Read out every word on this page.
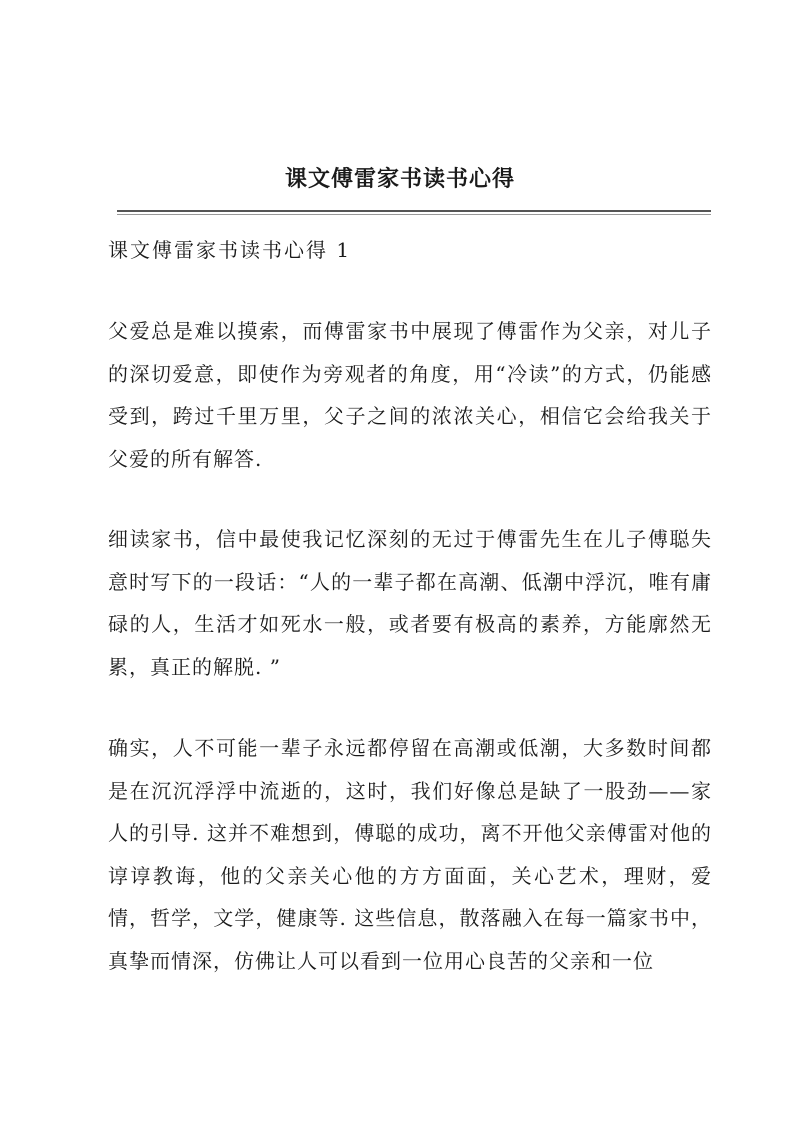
课文傅雷家书读书心得
课文傅雷家书读书心得 1

父爱总是难以摸索，而傅雷家书中展现了傅雷作为父亲，对儿子的深切爱意，即使作为旁观者的角度，用“冷读”的方式，仍能感受到，跨过千里万里，父子之间的浓浓关心，相信它会给我关于父爱的所有解答.

细读家书，信中最使我记忆深刻的无过于傅雷先生在儿子傅聪失意时写下的一段话：“人的一辈子都在高潮、低潮中浮沉，唯有庸碌的人，生活才如死水一般，或者要有极高的素养，方能廓然无累，真正的解脱. ”

确实，人不可能一辈子永远都停留在高潮或低潮，大多数时间都是在沉沉浮浮中流逝的，这时，我们好像总是缺了一股劲——家人的引导. 这并不难想到，傅聪的成功，离不开他父亲傅雷对他的谆谆教诲，他的父亲关心他的方方面面，关心艺术，理财，爱情，哲学，文学，健康等. 这些信息，散落融入在每一篇家书中，真挚而情深，仿佛让人可以看到一位用心良苦的父亲和一位
